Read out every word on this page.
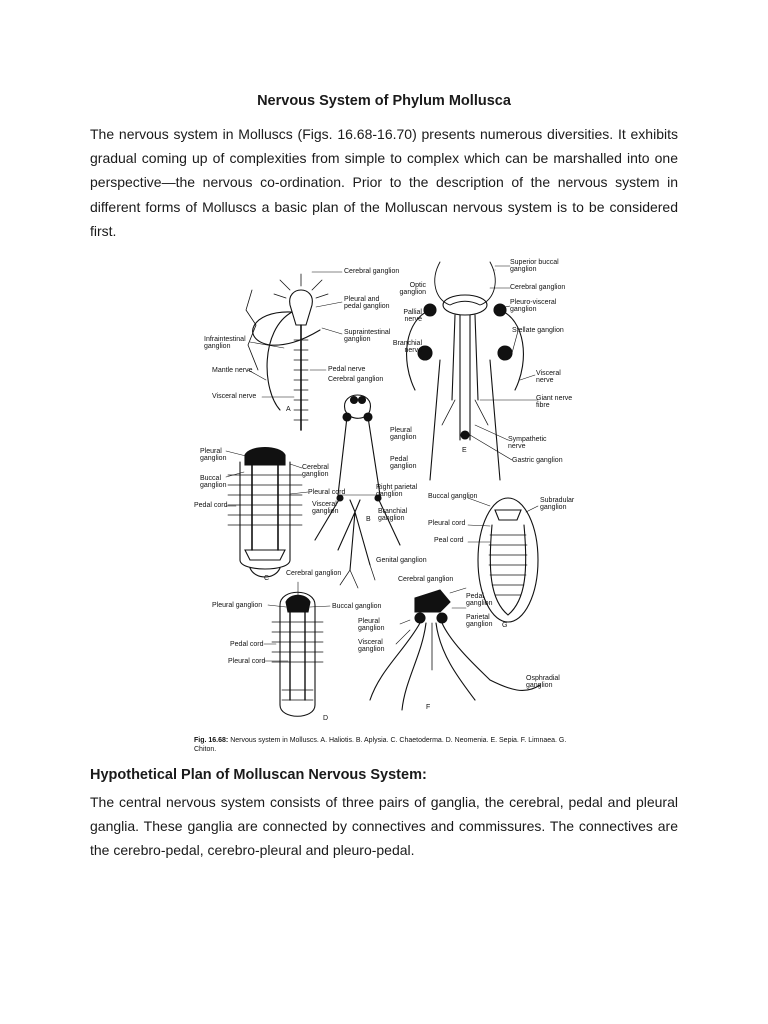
Nervous System of Phylum Mollusca

The nervous system in Molluscs (Figs. 16.68-16.70) presents numerous diversities. It exhibits gradual coming up of complexities from simple to complex which can be marshalled into one perspective—the nervous co-ordination. Prior to the description of the nervous system in different forms of Molluscs a basic plan of the Molluscan nervous system is to be considered first.

Cerebral ganglion
Pleural and
pedal ganglion
Supraintestinal
ganglion
Infraintestinal
ganglion
Mantle nerve	Pedal nerve
Visceral nerve
Cerebral ganglion
Pleural
ganglion
Pedal
ganglion
Right parietal
ganglion
Visceral
ganglion	Branchial
ganglion
Genital ganglion
Pleural
ganglion
Buccal
ganglion
Pedal cord
Cerebral
ganglion
Pleural cord
Cerebral ganglion
Pleural ganglion	Buccal ganglion
Pedal cord
Pleural cord
Superior buccal
ganglion
Cerebral ganglion
Optic
ganglion
Pallial
nerve
Pleuro-visceral
ganglion
Stellate ganglion
Branchial
nerve
Visceral
nerve
Giant nerve
fibre
Sympathetic
nerve
Gastric ganglion
Cerebral ganglion
Pedal
ganglion
Pleural
ganglion
Parietal
ganglion
Visceral
ganglion
Osphradial
ganglion
Buccal ganglion
Subradular
ganglion
Pleural cord
Peal cord
A
B
C
D
E
F
G
Fig. 16.68: Nervous system in Molluscs. A. Haliotis. B. Aplysia. C. Chaetoderma. D. Neomenia. E. Sepia. F. Limnaea. G. Chiton.
Hypothetical Plan of Molluscan Nervous System:

The central nervous system consists of three pairs of ganglia, the cerebral, pedal and pleural ganglia. These ganglia are connected by connectives and commissures. The connectives are the cerebro-pedal, cerebro-pleural and pleuro-pedal.
